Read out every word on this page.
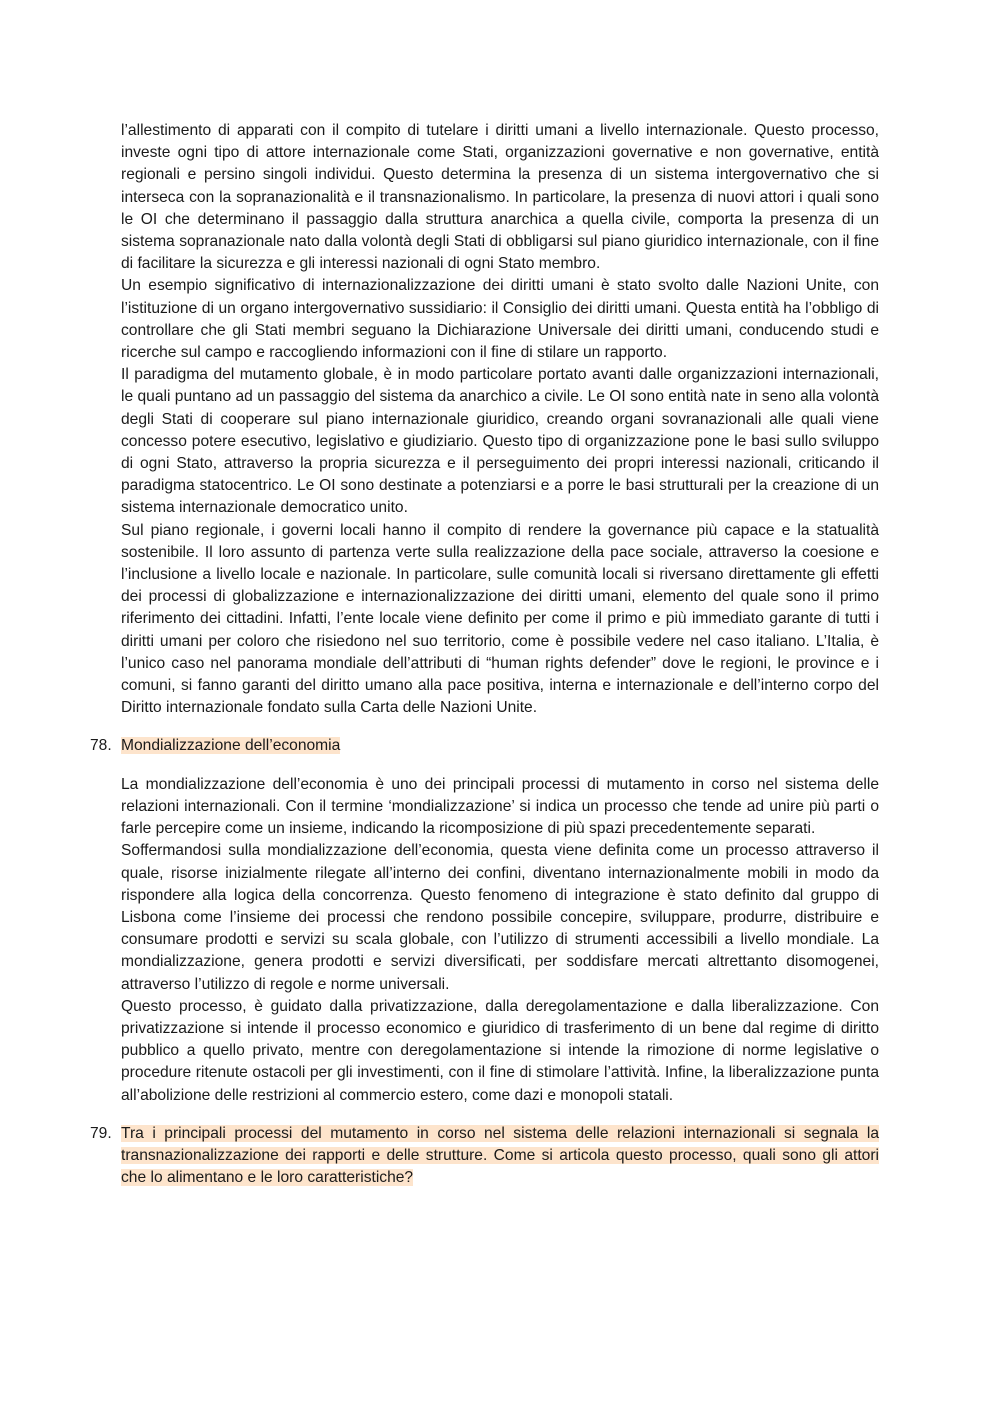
l’allestimento di apparati con il compito di tutelare i diritti umani a livello internazionale. Questo processo, investe ogni tipo di attore internazionale come Stati, organizzazioni governative e non governative, entità regionali e persino singoli individui. Questo determina la presenza di un sistema intergovernativo che si interseca con la sopranazionalità e il transnazionalismo. In particolare, la presenza di nuovi attori i quali sono le OI che determinano il passaggio dalla struttura anarchica a quella civile, comporta la presenza di un sistema sopranazionale nato dalla volontà degli Stati di obbligarsi sul piano giuridico internazionale, con il fine di facilitare la sicurezza e gli interessi nazionali di ogni Stato membro.

Un esempio significativo di internazionalizzazione dei diritti umani è stato svolto dalle Nazioni Unite, con l’istituzione di un organo intergovernativo sussidiario: il Consiglio dei diritti umani. Questa entità ha l’obbligo di controllare che gli Stati membri seguano la Dichiarazione Universale dei diritti umani, conducendo studi e ricerche sul campo e raccogliendo informazioni con il fine di stilare un rapporto.

Il paradigma del mutamento globale, è in modo particolare portato avanti dalle organizzazioni internazionali, le quali puntano ad un passaggio del sistema da anarchico a civile. Le OI sono entità nate in seno alla volontà degli Stati di cooperare sul piano internazionale giuridico, creando organi sovranazionali alle quali viene concesso potere esecutivo, legislativo e giudiziario. Questo tipo di organizzazione pone le basi sullo sviluppo di ogni Stato, attraverso la propria sicurezza e il perseguimento dei propri interessi nazionali, criticando il paradigma statocentrico. Le OI sono destinate a potenziarsi e a porre le basi strutturali per la creazione di un sistema internazionale democratico unito.

Sul piano regionale, i governi locali hanno il compito di rendere la governance più capace e la statualità sostenibile. Il loro assunto di partenza verte sulla realizzazione della pace sociale, attraverso la coesione e l’inclusione a livello locale e nazionale. In particolare, sulle comunità locali si riversano direttamente gli effetti dei processi di globalizzazione e internazionalizzazione dei diritti umani, elemento del quale sono il primo riferimento dei cittadini. Infatti, l’ente locale viene definito per come il primo e più immediato garante di tutti i diritti umani per coloro che risiedono nel suo territorio, come è possibile vedere nel caso italiano. L’Italia, è l’unico caso nel panorama mondiale dell’attributi di “human rights defender” dove le regioni, le province e i comuni, si fanno garanti del diritto umano alla pace positiva, interna e internazionale e dell’interno corpo del Diritto internazionale fondato sulla Carta delle Nazioni Unite.

78. Mondializzazione dell’economia

La mondializzazione dell’economia è uno dei principali processi di mutamento in corso nel sistema delle relazioni internazionali. Con il termine ‘mondializzazione’ si indica un processo che tende ad unire più parti o farle percepire come un insieme, indicando la ricomposizione di più spazi precedentemente separati.

Soffermandosi sulla mondializzazione dell’economia, questa viene definita come un processo attraverso il quale, risorse inizialmente rilegate all’interno dei confini, diventano internazionalmente mobili in modo da rispondere alla logica della concorrenza. Questo fenomeno di integrazione è stato definito dal gruppo di Lisbona come l’insieme dei processi che rendono possibile concepire, sviluppare, produrre, distribuire e consumare prodotti e servizi su scala globale, con l’utilizzo di strumenti accessibili a livello mondiale. La mondializzazione, genera prodotti e servizi diversificati, per soddisfare mercati altrettanto disomogenei, attraverso l’utilizzo di regole e norme universali.

Questo processo, è guidato dalla privatizzazione, dalla deregolamentazione e dalla liberalizzazione. Con privatizzazione si intende il processo economico e giuridico di trasferimento di un bene dal regime di diritto pubblico a quello privato, mentre con deregolamentazione si intende la rimozione di norme legislative o procedure ritenute ostacoli per gli investimenti, con il fine di stimolare l’attività. Infine, la liberalizzazione punta all’abolizione delle restrizioni al commercio estero, come dazi e monopoli statali.

79. Tra i principali processi del mutamento in corso nel sistema delle relazioni internazionali si segnala la transnazionalizzazione dei rapporti e delle strutture. Come si articola questo processo, quali sono gli attori che lo alimentano e le loro caratteristiche?
